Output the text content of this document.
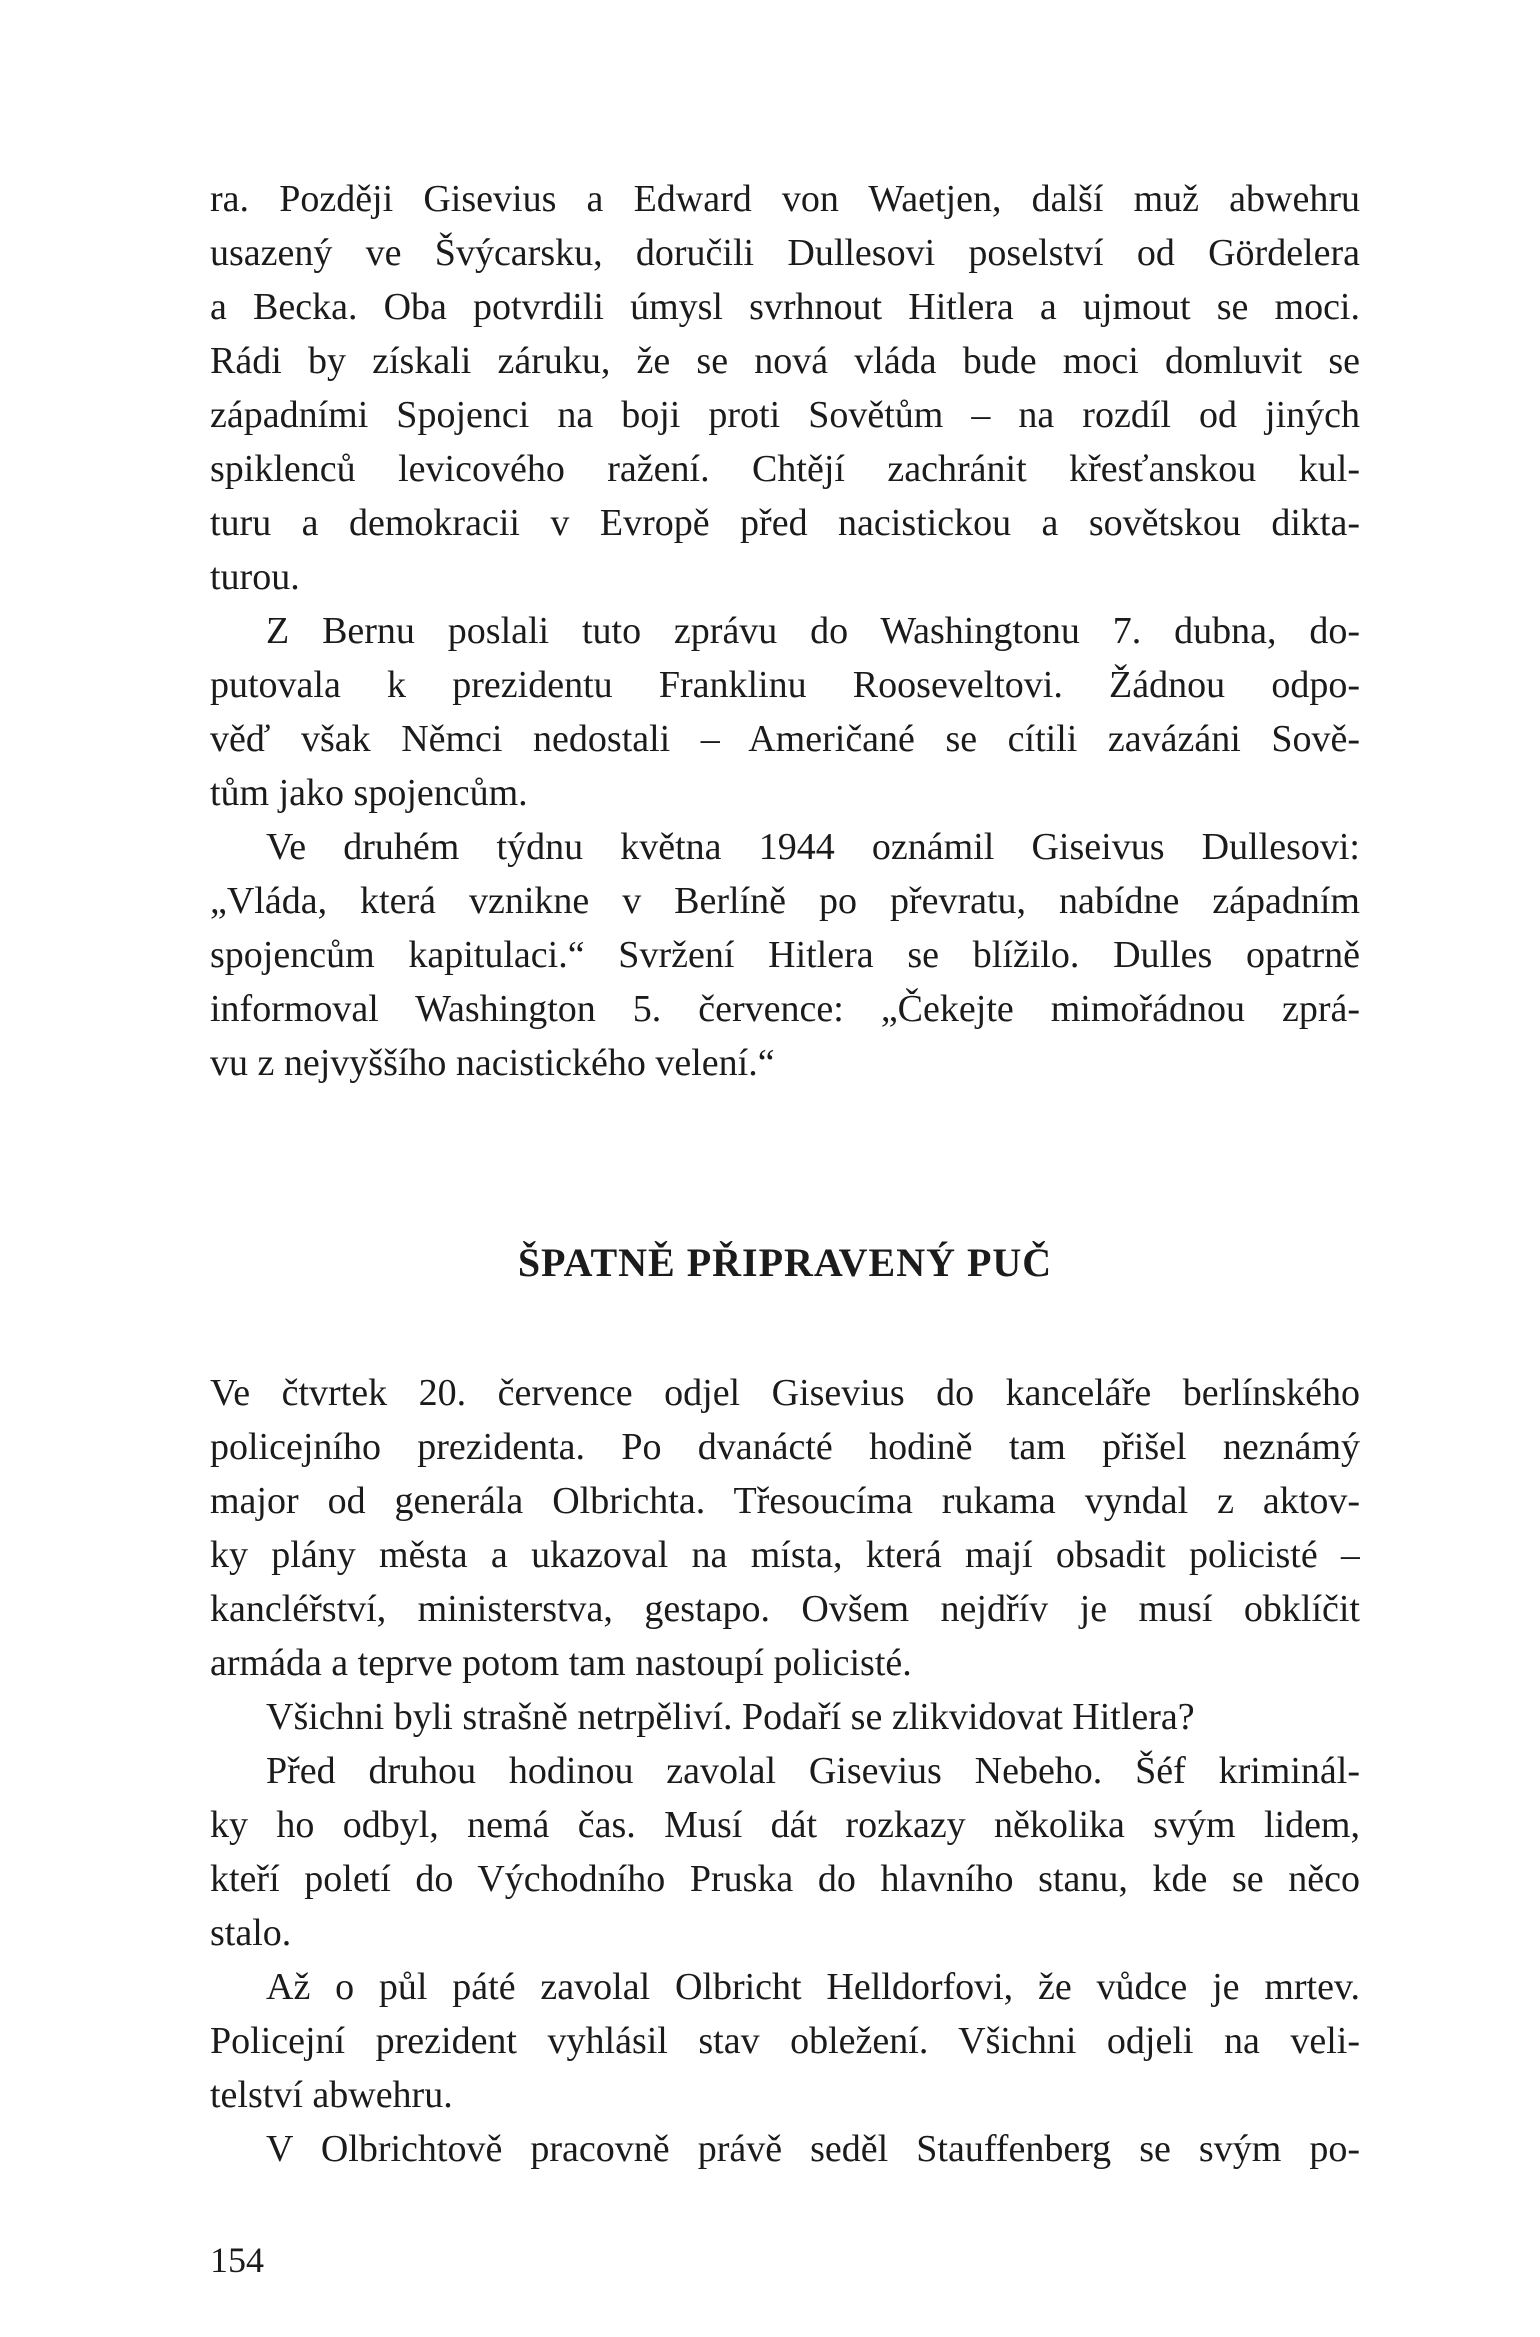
ra. Později Gisevius a Edward von Waetjen, další muž abwehru
usazený ve Švýcarsku, doručili Dullesovi poselství od Gördelera
a Becka. Oba potvrdili úmysl svrhnout Hitlera a ujmout se moci.
Rádi by získali záruku, že se nová vláda bude moci domluvit se
západními Spojenci na boji proti Sovětům – na rozdíl od jiných
spiklenců levicového ražení. Chtějí zachránit křesťanskou kul-
turu a demokracii v Evropě před nacistickou a sovětskou dikta-
turou.

Z Bernu poslali tuto zprávu do Washingtonu 7. dubna, do-
putovala k prezidentu Franklinu Rooseveltovi. Žádnou odpo-
věď však Němci nedostali – Američané se cítili zavázáni Sově-
tům jako spojencům.

Ve druhém týdnu května 1944 oznámil Giseivus Dullesovi:
„Vláda, která vznikne v Berlíně po převratu, nabídne západním
spojencům kapitulaci.“ Svržení Hitlera se blížilo. Dulles opatrně
informoval Washington 5. července: „Čekejte mimořádnou zprá-
vu z nejvyššího nacistického velení.“

ŠPATNĚ PŘIPRAVENÝ PUČ

Ve čtvrtek 20. července odjel Gisevius do kanceláře berlínského
policejního prezidenta. Po dvanácté hodině tam přišel neznámý
major od generála Olbrichta. Třesoucíma rukama vyndal z aktov-
ky plány města a ukazoval na místa, která mají obsadit policisté –
kancléřství, ministerstva, gestapo. Ovšem nejdřív je musí obklíčit
armáda a teprve potom tam nastoupí policisté.

Všichni byli strašně netrpěliví. Podaří se zlikvidovat Hitlera?

Před druhou hodinou zavolal Gisevius Nebeho. Šéf kriminál-
ky ho odbyl, nemá čas. Musí dát rozkazy několika svým lidem,
kteří poletí do Východního Pruska do hlavního stanu, kde se něco
stalo.

Až o půl páté zavolal Olbricht Helldorfovi, že vůdce je mrtev.
Policejní prezident vyhlásil stav obležení. Všichni odjeli na veli-
telství abwehru.

V Olbrichtově pracovně právě seděl Stauffenberg se svým po-

154
